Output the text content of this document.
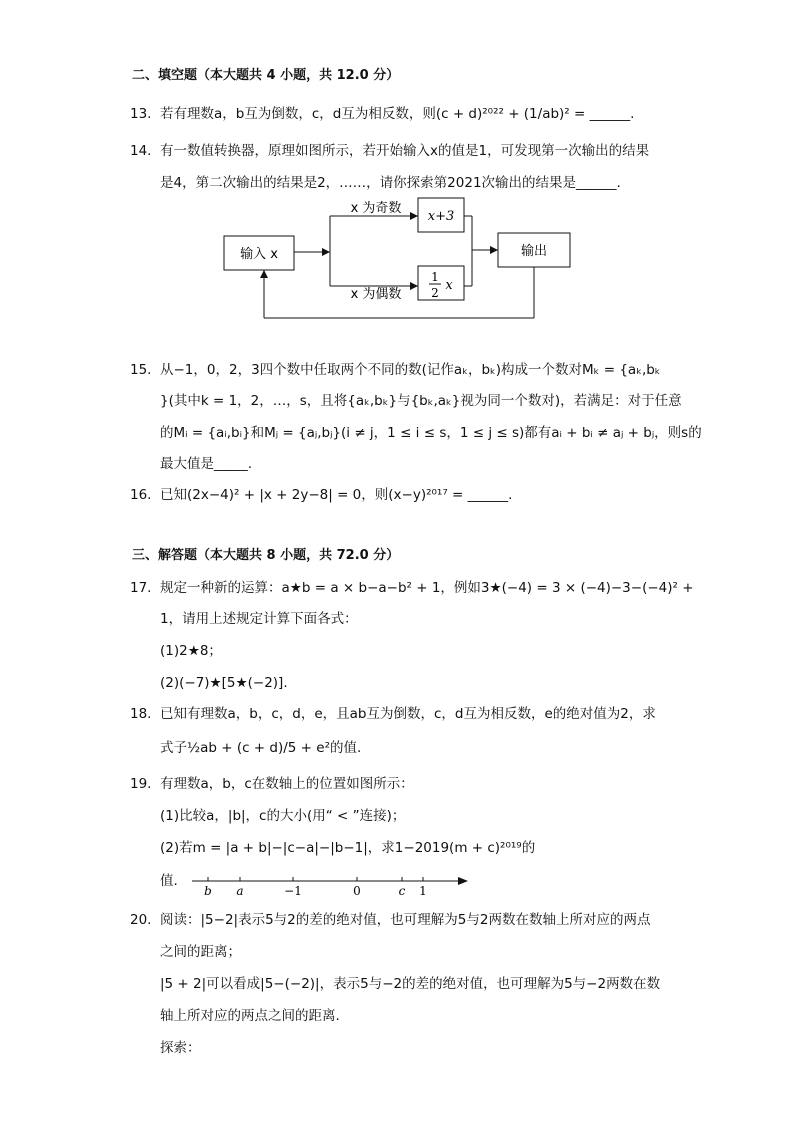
二、填空题（本大题共 4 小题，共 12.0 分）
13. 若有理数a，b互为倒数，c，d互为相反数，则(c + d)²⁰²² + (1/ab)² = ______.
14. 有一数值转换器，原理如图所示，若开始输入x的值是1，可发现第一次输出的结果
是4，第二次输出的结果是2，……，请你探索第2021次输出的结果是______.
输入 x
x 为奇数
x 为偶数
x+3
1
2 x
输出
15. 从−1，0，2，3四个数中任取两个不同的数(记作aₖ，bₖ)构成一个数对Mₖ = {aₖ,bₖ
}(其中k = 1，2，…，s，且将{aₖ,bₖ}与{bₖ,aₖ}视为同一个数对)，若满足：对于任意
的Mᵢ = {aᵢ,bᵢ}和Mⱼ = {aⱼ,bⱼ}(i ≠ j，1 ≤ i ≤ s，1 ≤ j ≤ s)都有aᵢ + bᵢ ≠ aⱼ + bⱼ，则s的
最大值是_____.
16. 已知(2x−4)² + |x + 2y−8| = 0，则(x−y)²⁰¹⁷ = ______.
三、解答题（本大题共 8 小题，共 72.0 分）
17. 规定一种新的运算：a★b = a × b−a−b² + 1，例如3★(−4) = 3 × (−4)−3−(−4)² +
1，请用上述规定计算下面各式：
(1)2★8；
(2)(−7)★[5★(−2)].
18. 已知有理数a，b，c，d，e，且ab互为倒数，c，d互为相反数，e的绝对值为2，求
式子½ab + (c + d)/5 + e²的值.
19. 有理数a，b，c在数轴上的位置如图所示：
(1)比较a，|b|，c的大小(用“ < ”连接)；
(2)若m = |a + b|−|c−a|−|b−1|，求1−2019(m + c)²⁰¹⁹的
值.
b a	−1	0	c 1
20. 阅读：|5−2|表示5与2的差的绝对值，也可理解为5与2两数在数轴上所对应的两点
之间的距离；
|5 + 2|可以看成|5−(−2)|，表示5与−2的差的绝对值，也可理解为5与−2两数在数
轴上所对应的两点之间的距离.
探索：
